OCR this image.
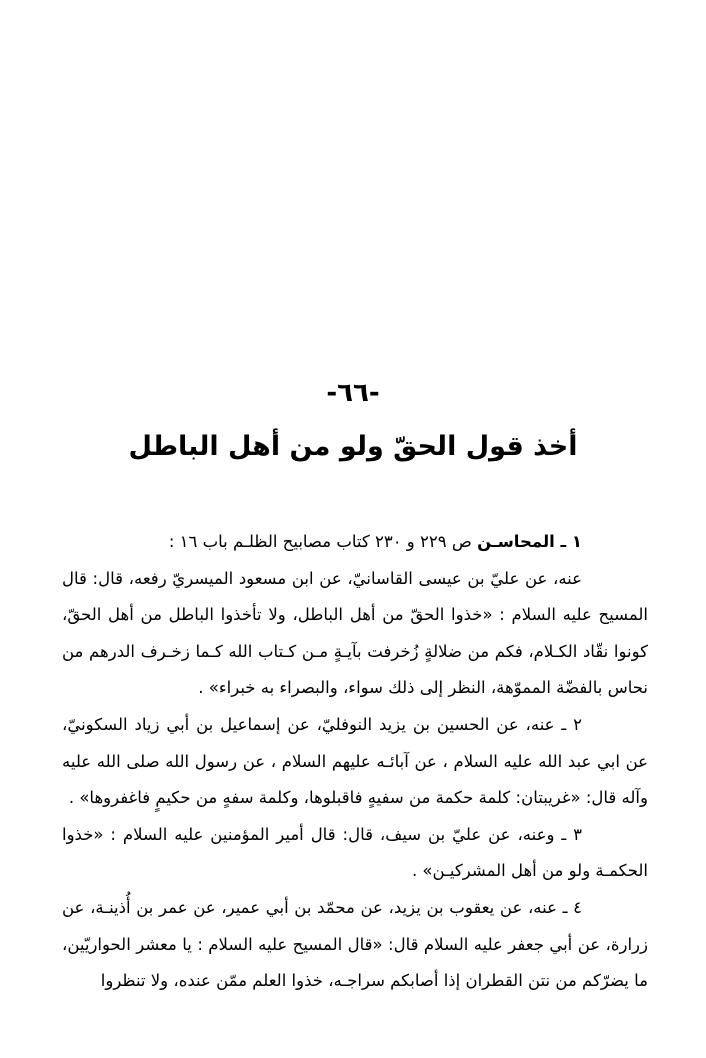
-٦٦-
أخذ قول الحقّ ولو من أهل الباطل

١ ـ المحاسـن ص ٢٢٩ و ٢٣٠ كتاب مصابيح الظلـم باب ١٦ :

عنه، عن عليّ بن عيسى القاسانيّ، عن ابن مسعود الميسريّ رفعه، قال: قال المسيح عليه السلام : «خذوا الحقّ من أهل الباطل، ولا تأخذوا الباطل من أهل الحقّ، كونوا نقّاد الكـلام، فكم من ضلالةٍ زُخرفت بآيـةٍ مـن كـتاب الله كـما زخـرف الدرهم من نحاس بالفضّة المموّهة، النظر إلى ذلك سواء، والبصراء به خبراء» .

٢ ـ عنه، عن الحسين بن يزيد النوفليّ، عن إسماعيل بن أبي زياد السكونيّ، عن ابي عبد الله عليه السلام ، عن آبائـه عليهم السلام ، عن رسول الله صلى الله عليه وآله قال: «غريبتان: كلمة حكمة من سفيهٍ فاقبلوها، وكلمة سفهٍ من حكيمٍ فاغفروها» .

٣ ـ وعنه، عن عليّ بن سيف، قال: قال أمير المؤمنين عليه السلام : «خذوا الحكمـة ولو من أهل المشركيـن» .

٤ ـ عنه، عن يعقوب بن يزيد، عن محمّد بن أبي عمير، عن عمر بن أُذينـة، عن زرارة، عن أبي جعفر عليه السلام قال: «قال المسيح عليه السلام : يا معشر الحواريّين، ما يضرّكم من نتن القطران إذا أصابكم سراجـه، خذوا العلم ممّن عنده، ولا تنظروا
